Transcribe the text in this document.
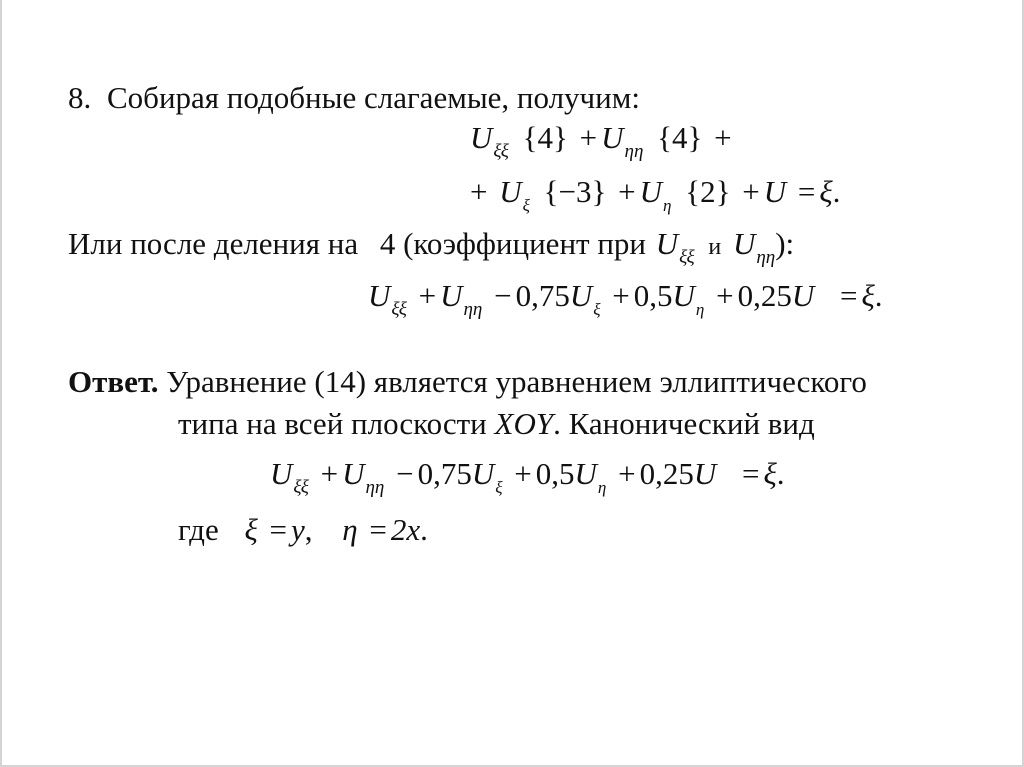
8. Собирая подобные слагаемые, получим:
$U_{\xi\xi}$ $\{4\} + U_{\eta\eta}$ {4} +
+ $U_\xi$ $\{-3\} + U_\eta$ {2} + U = ξ.
Или после деления на 4 (коэффициент при $U_{\xi\xi}$ и $U_{\eta\eta}$):
$U_{\xi\xi} + U_{\eta\eta} - 0,75U_\xi + 0,5U_\eta + 0,25U = \xi$.
Ответ. Уравнение (14) является уравнением эллиптического
типа на всей плоскости XOY. Канонический вид
$U_{\xi\xi} + U_{\eta\eta} - 0,75U_\xi + 0,5U_\eta + 0,25U = \xi$.
где ξ = y, η = 2x.
